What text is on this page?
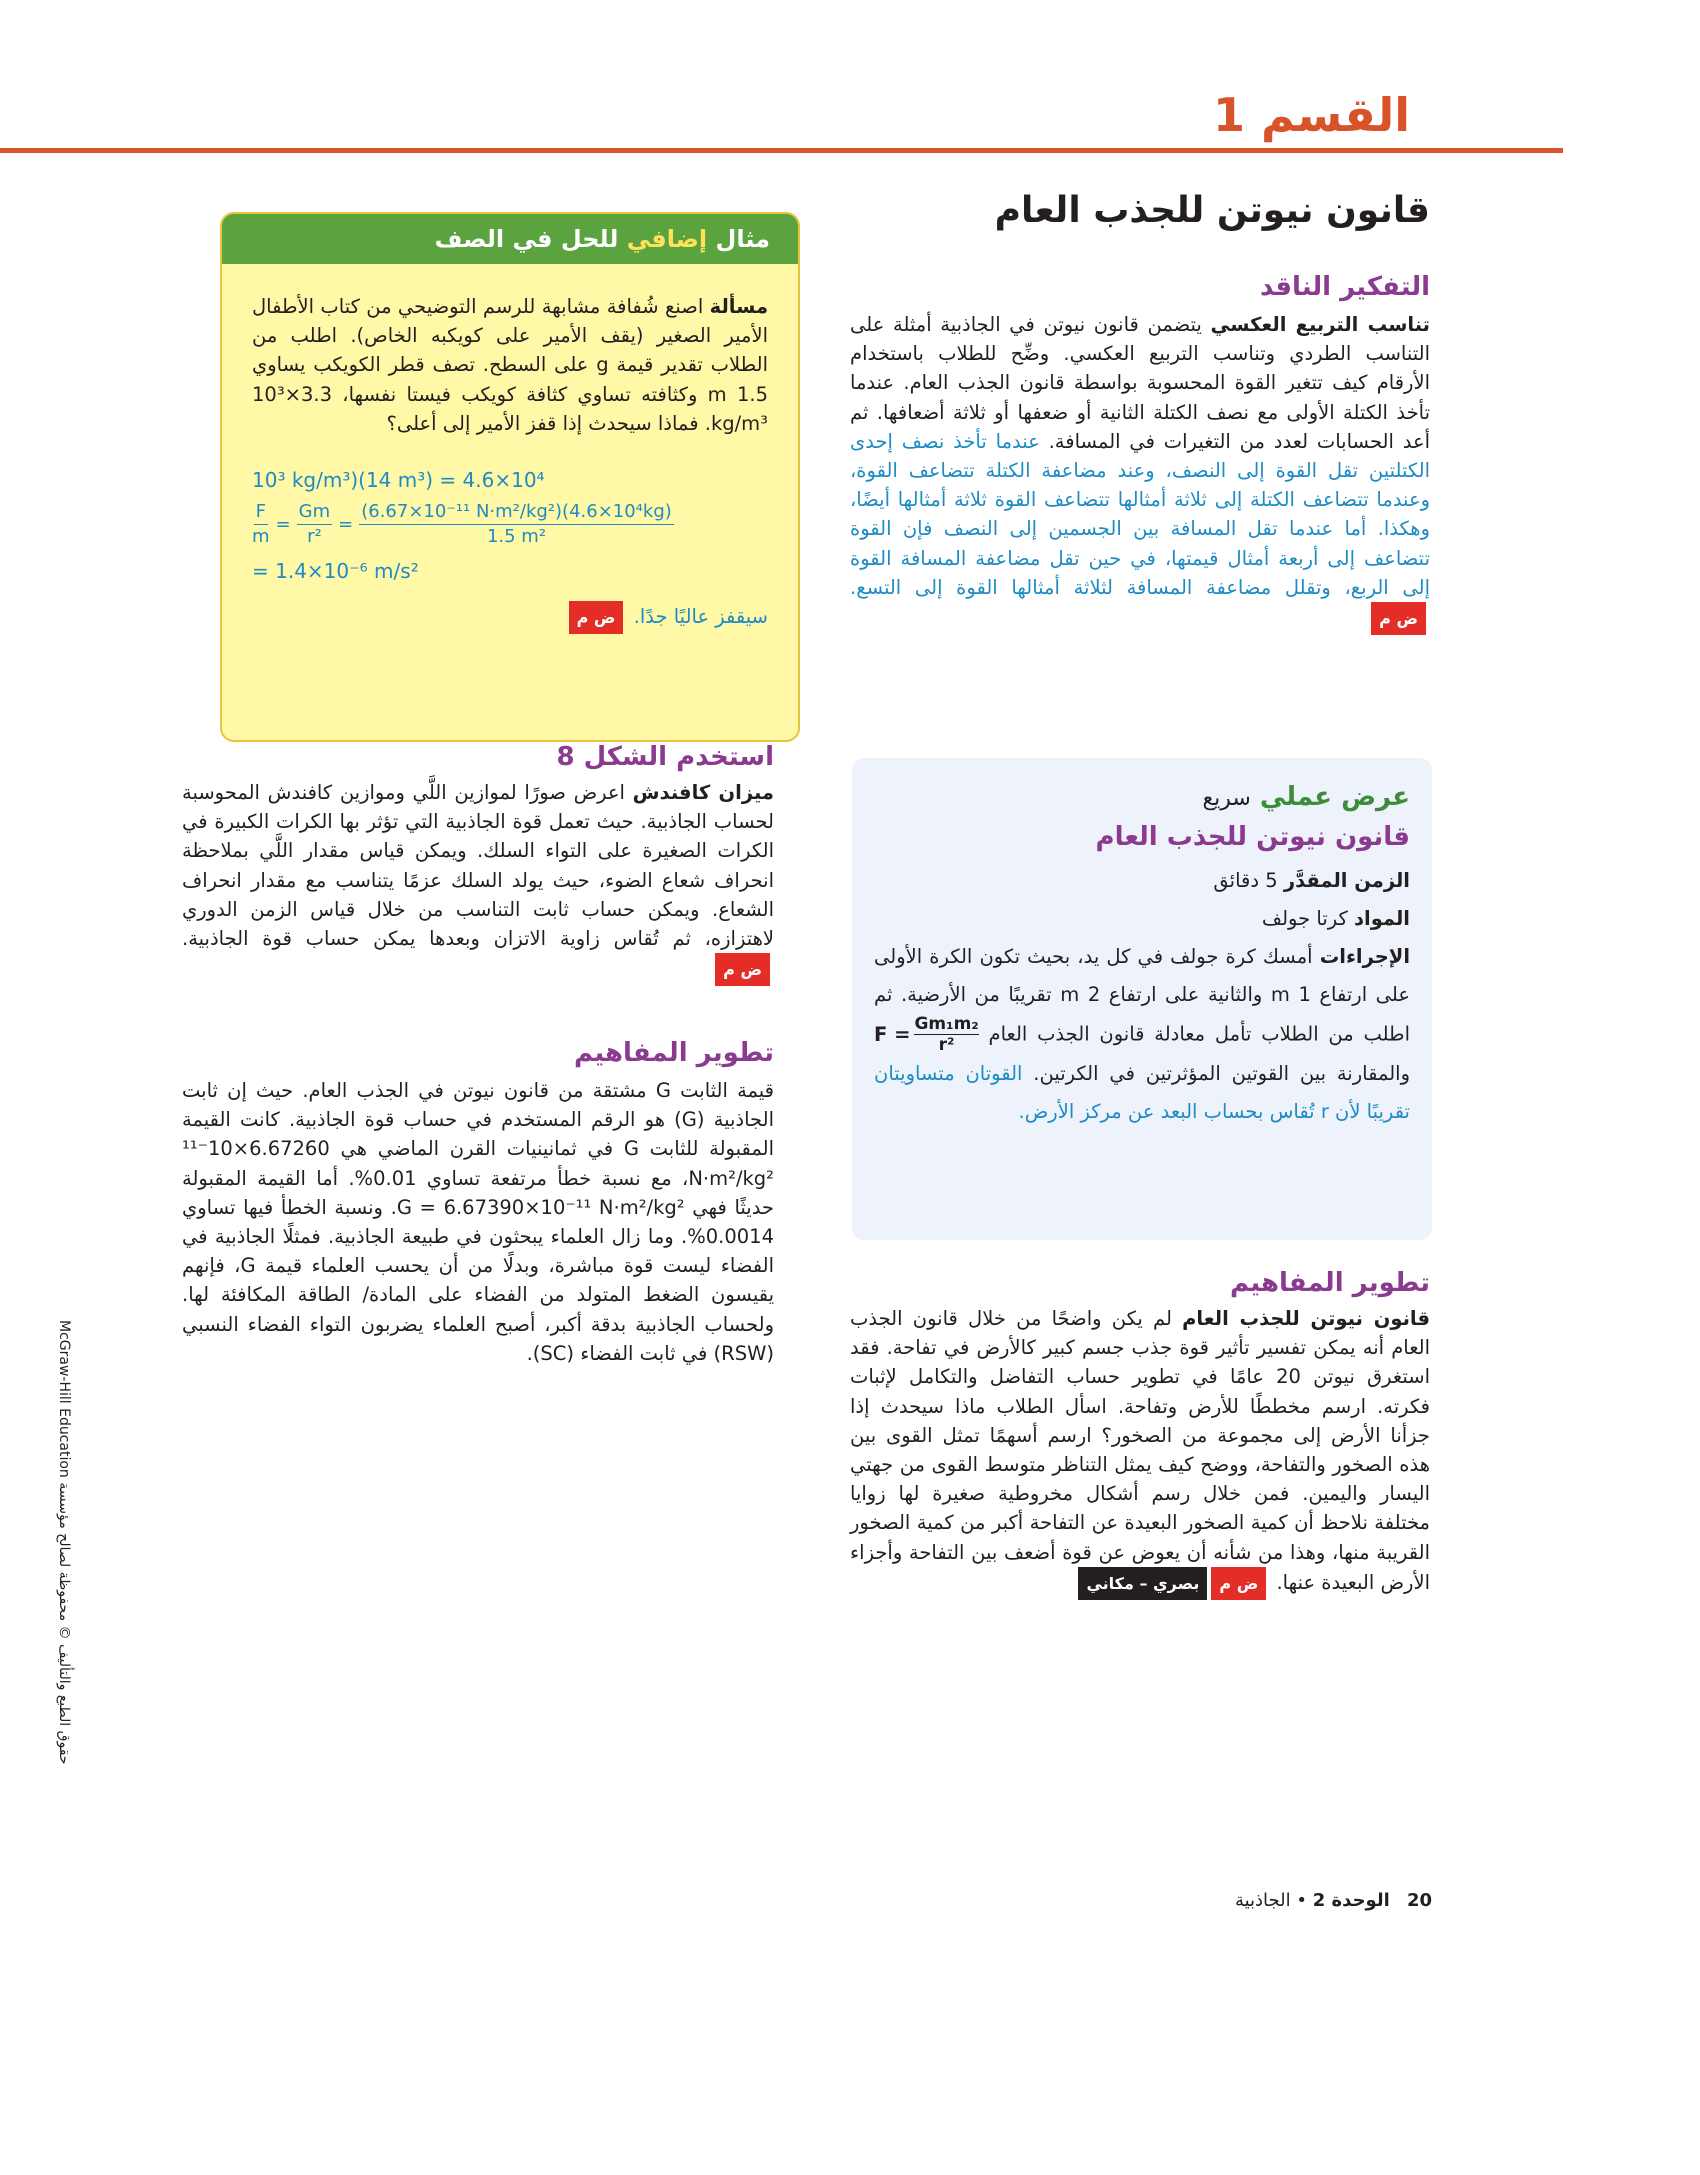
القسم 1
قانون نيوتن للجذب العام
التفكير الناقد
تناسب التربيع العكسي يتضمن قانون نيوتن في الجاذبية أمثلة على التناسب الطردي وتناسب التربيع العكسي. وضِّح للطلاب باستخدام الأرقام كيف تتغير القوة المحسوبة بواسطة قانون الجذب العام. عندما تأخذ الكتلة الأولى مع نصف الكتلة الثانية أو ضعفها أو ثلاثة أضعافها. ثم أعد الحسابات لعدد من التغيرات في المسافة. عندما تأخذ نصف إحدى الكتلتين تقل القوة إلى النصف، وعند مضاعفة الكتلة تتضاعف القوة، وعندما تتضاعف الكتلة إلى ثلاثة أمثالها تتضاعف القوة ثلاثة أمثالها أيضًا، وهكذا. أما عندما تقل المسافة بين الجسمين إلى النصف فإن القوة تتضاعف إلى أربعة أمثال قيمتها، في حين تقل مضاعفة المسافة القوة إلى الربع، وتقلل مضاعفة المسافة لثلاثة أمثالها القوة إلى التسع. ض م
عرض عملي سريع
قانون نيوتن للجذب العام
الزمن المقدَّر 5 دقائق
المواد كرتا جولف
الإجراءات أمسك كرة جولف في كل يد، بحيث تكون الكرة الأولى على ارتفاع 1 m والثانية على ارتفاع 2 m تقريبًا من الأرضية. ثم اطلب من الطلاب تأمل معادلة قانون الجذب العام
$F = \frac{\text{Gm₁m₂}}{\text{r²}}$
والمقارنة بين القوتين المؤثرتين في الكرتين. القوتان متساويتان تقريبًا لأن r تُقاس بحساب البعد عن مركز الأرض.
تطوير المفاهيم
قانون نيوتن للجذب العام لم يكن واضحًا من خلال قانون الجذب العام أنه يمكن تفسير تأثير قوة جذب جسم كبير كالأرض في تفاحة. فقد استغرق نيوتن 20 عامًا في تطوير حساب التفاضل والتكامل لإثبات فكرته. ارسم مخططًا للأرض وتفاحة. اسأل الطلاب ماذا سيحدث إذا جزأنا الأرض إلى مجموعة من الصخور؟ ارسم أسهمًا تمثل القوى بين هذه الصخور والتفاحة، ووضح كيف يمثل التناظر متوسط القوى من جهتي اليسار واليمين. فمن خلال رسم أشكال مخروطية صغيرة لها زوايا مختلفة نلاحظ أن كمية الصخور البعيدة عن التفاحة أكبر من كمية الصخور القريبة منها، وهذا من شأنه أن يعوض عن قوة أضعف بين التفاحة وأجزاء الأرض البعيدة عنها. ض مبصري – مكاني
مثال

إضافي

للحل في الصف
مسألة اصنع شُفافة مشابهة للرسم التوضيحي من كتاب الأطفال الأمير الصغير (يقف الأمير على كويكبه الخاص). اطلب من الطلاب تقدير قيمة g على السطح. تصف قطر الكويكب يساوي 1.5 m وكثافته تساوي كثافة كويكب فيستا نفسها، 3.3×10³ kg/m³. فماذا سيحدث إذا قفز الأمير إلى أعلى؟
10³ kg/m³)(14 m³) = 4.6×10⁴
$\frac{F}{m} = \frac{Gm}{\text{r²}} = \frac{\text{(6.67×10⁻¹¹ N·m²/kg²)(4.6×10⁴kg)}}{\text{1.5 m²}}$
= 1.4×10⁻⁶ m/s²
سيقفز عاليًا جدًا. ض م
استخدم الشكل 8
ميزان كافندش اعرض صورًا لموازين اللَّي وموازين كافندش المحوسبة لحساب الجاذبية. حيث تعمل قوة الجاذبية التي تؤثر بها الكرات الكبيرة في الكرات الصغيرة على التواء السلك. ويمكن قياس مقدار اللَّي بملاحظة انحراف شعاع الضوء، حيث يولد السلك عزمًا يتناسب مع مقدار انحراف الشعاع. ويمكن حساب ثابت التناسب من خلال قياس الزمن الدوري لاهتزازه، ثم تُقاس زاوية الاتزان وبعدها يمكن حساب قوة الجاذبية. ض م
تطوير المفاهيم
قيمة الثابت G مشتقة من قانون نيوتن في الجذب العام. حيث إن ثابت الجاذبية (G) هو الرقم المستخدم في حساب قوة الجاذبية. كانت القيمة المقبولة للثابت G في ثمانينيات القرن الماضي هي 6.67260×10⁻¹¹ N·m²/kg²، مع نسبة خطأ مرتفعة تساوي 0.01%. أما القيمة المقبولة حديثًا فهي G = 6.67390×10⁻¹¹ N·m²/kg². ونسبة الخطأ فيها تساوي 0.0014%. وما زال العلماء يبحثون في طبيعة الجاذبية. فمثلًا الجاذبية في الفضاء ليست قوة مباشرة، وبدلًا من أن يحسب العلماء قيمة G، فإنهم يقيسون الضغط المتولد من الفضاء على المادة/ الطاقة المكافئة لها. ولحساب الجاذبية بدقة أكبر، أصبح العلماء يضربون التواء الفضاء النسبي (RSW) في ثابت الفضاء (SC).
حقوق الطبع والتأليف © محفوظة لصالح مؤسسة McGraw-Hill Education
20   الوحدة 2 • الجاذبية
